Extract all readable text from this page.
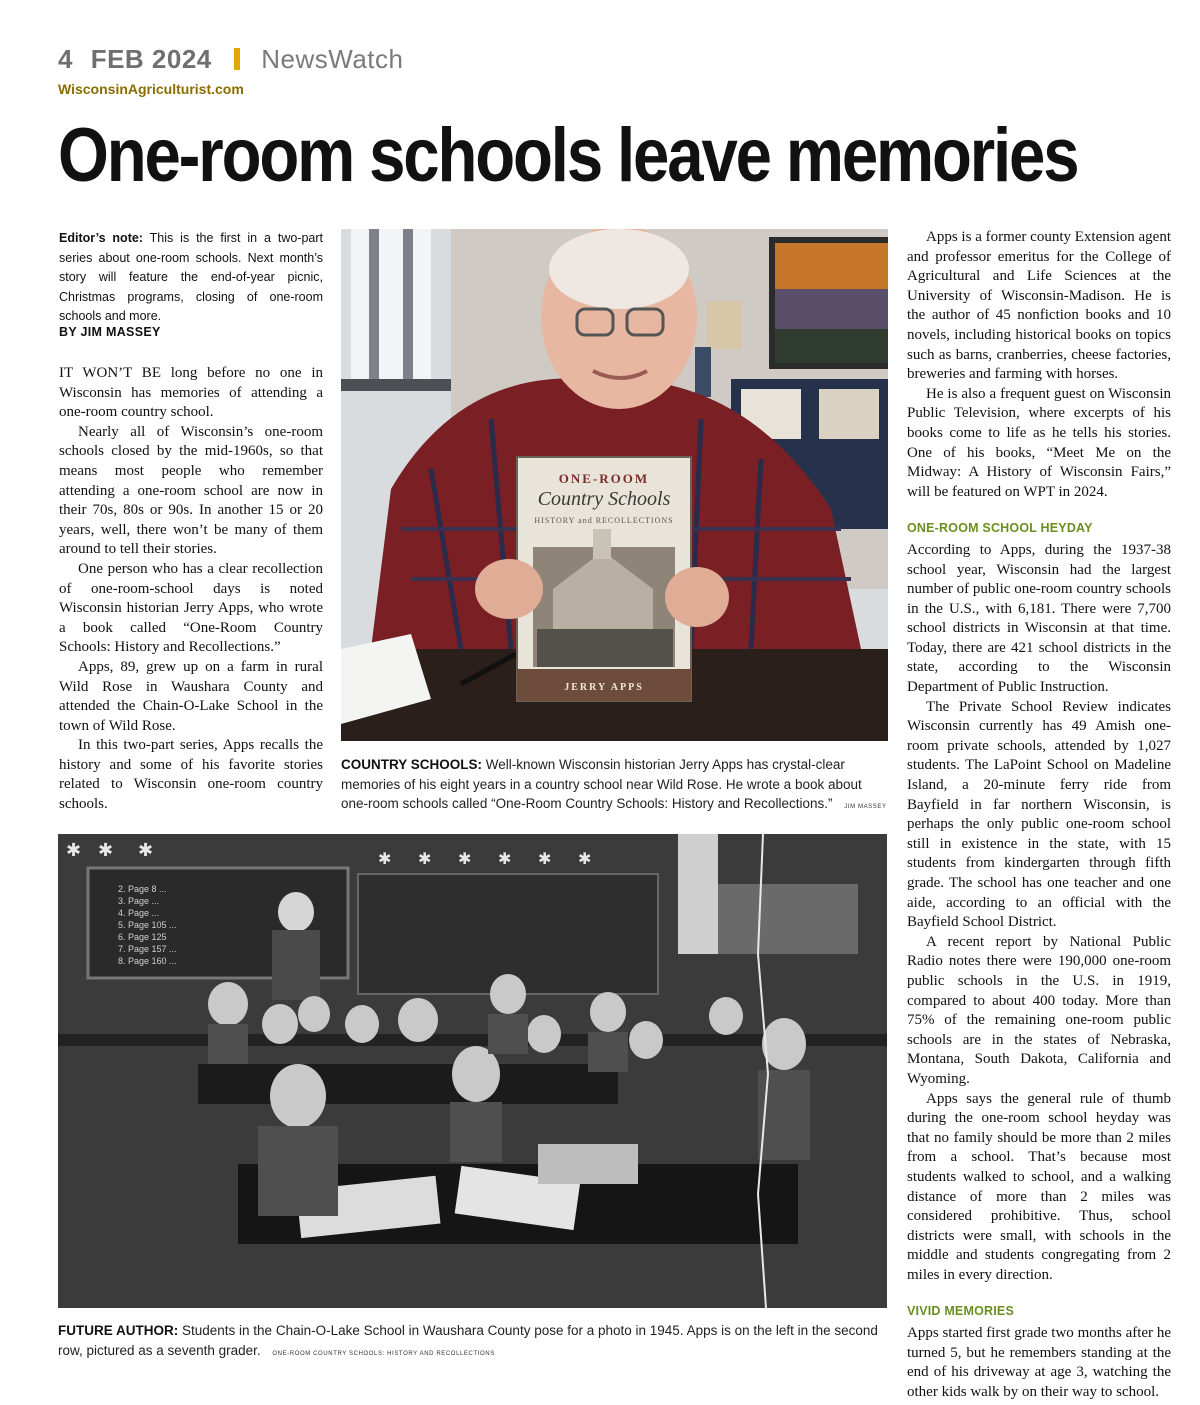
4 FEB 2024 NewsWatch
WisconsinAgriculturist.com
One-room schools leave memories
Editor’s note: This is the first in a two-part series about one-room schools. Next month’s story will feature the end-of-year picnic, Christmas programs, closing of one-room schools and more.
BY JIM MASSEY

IT WON’T BE long before no one in Wisconsin has memories of attending a one-room country school.

Nearly all of Wisconsin’s one-room schools closed by the mid-1960s, so that means most people who remember attending a one-room school are now in their 70s, 80s or 90s. In another 15 or 20 years, well, there won’t be many of them around to tell their stories.

One person who has a clear recollection of one-room-school days is noted Wisconsin historian Jerry Apps, who wrote a book called “One-Room Country Schools: History and Recollections.”

Apps, 89, grew up on a farm in rural Wild Rose in Waushara County and attended the Chain-O-Lake School in the town of Wild Rose.

In this two-part series, Apps recalls the history and some of his favorite stories related to Wisconsin one-room country schools.

ONE-ROOM
Country Schools
HISTORY and RECOLLECTIONS
JERRY APPS
COUNTRY SCHOOLS: Well-known Wisconsin historian Jerry Apps has crystal-clear memories of his eight years in a country school near Wild Rose. He wrote a book about one-room schools called “One-Room Country Schools: History and Recollections.” JIM MASSEY
2. Page 8 ...
3. Page ...
4. Page ...
5. Page 105 ...
6. Page 125
7. Page 157 ...
8. Page 160 ...
✱ ✱ ✱	✱ ✱ ✱ ✱ ✱ ✱
FUTURE AUTHOR: Students in the Chain-O-Lake School in Waushara County pose for a photo in 1945. Apps is on the left in the second row, pictured as a seventh grader. ONE-ROOM COUNTRY SCHOOLS: HISTORY AND RECOLLECTIONS

Apps is a former county Extension agent and professor emeritus for the College of Agricultural and Life Sciences at the University of Wisconsin-Madison. He is the author of 45 nonfiction books and 10 novels, including historical books on topics such as barns, cranberries, cheese factories, breweries and farming with horses.

He is also a frequent guest on Wisconsin Public Television, where excerpts of his books come to life as he tells his stories. One of his books, “Meet Me on the Midway: A History of Wisconsin Fairs,” will be featured on WPT in 2024.

ONE-ROOM SCHOOL HEYDAY

According to Apps, during the 1937-38 school year, Wisconsin had the largest number of public one-room country schools in the U.S., with 6,181. There were 7,700 school districts in Wisconsin at that time. Today, there are 421 school districts in the state, according to the Wisconsin Department of Public Instruction.

The Private School Review indicates Wisconsin currently has 49 Amish one-room private schools, attended by 1,027 students. The LaPoint School on Madeline Island, a 20-minute ferry ride from Bayfield in far northern Wisconsin, is perhaps the only public one-room school still in existence in the state, with 15 students from kindergarten through fifth grade. The school has one teacher and one aide, according to an official with the Bayfield School District.

A recent report by National Public Radio notes there were 190,000 one-room public schools in the U.S. in 1919, compared to about 400 today. More than 75% of the remaining one-room public schools are in the states of Nebraska, Montana, South Dakota, California and Wyoming.

Apps says the general rule of thumb during the one-room school heyday was that no family should be more than 2 miles from a school. That’s because most students walked to school, and a walking distance of more than 2 miles was considered prohibitive. Thus, school districts were small, with schools in the middle and students congregating from 2 miles in every direction.

VIVID MEMORIES

Apps started first grade two months after he turned 5, but he remembers standing at the end of his driveway at age 3, watching the other kids walk by on their way to school.
